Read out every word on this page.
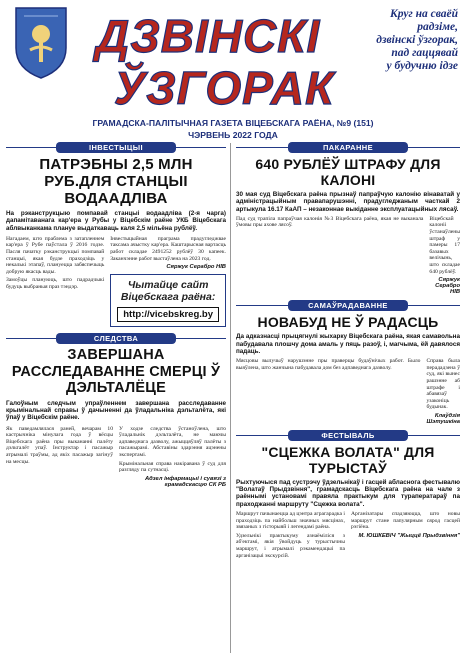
ДЗВІНСКІ
ЎЗГОРАК
Круг на сваёй радзіме,
дзвінскі ўзгорак,
пад гаццявай
у будучню ідзе
ГРАМАДСКА-ПАЛІТЫЧНАЯ ГАЗЕТА ВІЦЕБСКАГА РАЁНА, №9 (151)
ЧЭРВЕНЬ 2022 ГОДА
ІНВЕСТЫЦЫІ
ПАТРЭБНЫ 2,5 МЛН РУБ.ДЛЯ СТАНЦЫІ ВОДААДЛІВА
На рэканструкцыю помпавай станцыі водаадліва (2-я чарга) дапамітаванага кар'ера у Рубы у Віцебскім раёне УКБ Віцебскага аблвыканкама плануе выдаткаваць каля 2,5 мільёна рублёў.

Нагадаем, што праблема з затапленнем кар'ера ў Рубе паўстала ў 2016 годзе. Пасля пачатку рэканструкцыі помпавай станцыі, якая будзе праходзіць у некалькі этапаў, плануецца забяспечыць добрую якасць вады.

Замоўцы плануюць, што падрадчыкі будуць выбраныя праз тэндэр.

Інвестыцыйная праграма прадугледжвае таксама ачыстку кар'ера. Каштарысная вартасць работ складае 2491252 рублёў 30 капеек. Заканчэнне работ выстаўлена на 2023 год.

Сяржук Серабро НІВ
Чытайце сайт Віцебскага раёна:
http://vicebskreg.by
СЛЕДСТВА
ЗАВЕРШАНА РАССЛЕДАВАННЕ СМЕРЦІ Ў ДЭЛЬТАЛЁЦЕ
Галоўным следчым упраўленнем завершана расследаванне крымінальнай справы ў дачыненні да ўладальніка дэльталёта, які ўпаў у Віцебскім раёне.

Як паведамлялася раней, вечарам 10 кастрычніка мінулага года ў вёсцы Віцебскага раёна пры выкананні палёту дэльталёт упаў. Інструктар і пасажыр атрымалі траўмы, ад якіх пасажыр загінуў на месцы.

У ходзе следства ўстаноўлена, што ўладальнік дэльталёта, не маючы адпаведнага дазволу, ажыццяўляў палёты з пасажырамі. Абставіны здарэння ацэнены экспертамі.

Крымінальная справа накіравана ў суд для разгляду па сутнасці.

Адзел інфармацыі і сувязі з грамадскасцю СК РБ
ПАКАРАННЕ
640 РУБЛЁЎ ШТРАФУ ДЛЯ КАЛОНІ
30 мая суд Віцебскага раёна прызнаў папраўчую калонію вінаватай у адміністрацыйным правапарушэнні, прадугледжаным часткай 2 артыкула 16.17 КаАП – незаконнае выкіданне эксплуатацыйных лясаў.

Пад суд трапіла папраўчая калонія №3 Віцебскага раёна, якая не выканала ўмовы пры ахове лясоў.

Віцебскай калоніі ўстанаўлены штраф у памеры 17 базавых велічынь, што складае 640 рублёў.

Сяржук Серабро НІВ
САМАЎРАДАВАННЕ
НОВАБУД НЕ Ў РАДАСЦЬ
Да адказнасці прыцягнулі жыхарку Віцебскага раёна, якая самавольна пабудавала плошчу дома амаль у пяць разоў, і, магчыма, ёй давялося падаць.

Мясцовы вылучыў нарушэнне пры праверцы будаўнічых работ. Было выяўлена, што жанчына пабудавала дом без адпаведнага дазволу.

Справа была перададзена ў суд, які вынес рашэнне аб штрафе і абавязаў узаконіць будынак.

Клаўдзія Шэтушкіна
ФЕСТЫВАЛЬ
"СЦЕЖКА ВОЛАТА" ДЛЯ ТУРЫСТАЎ
Рыхтуючыся пад сустрэчу ўдзельнікаў і гасцей абласнога фестывалю "Волатаў Прыдзвіння", грамадскасць Віцебскага раёна на чале з раённымі установамі правяла практыкум для тураператараў па праходжанні маршруту "Сцежка волата".

Маршрут пачынаецца ад цэнтра аграгарадка і праходзіць па найбольш значных мясцінах, звязаных з гісторыяй і легендамі раёна.

Удзельнікі практыкуму азнаёміліся з аб'ектамі, якія ўвойдуць у турыстычны маршрут, і атрымалі рэкамендацыі па арганізацыі экскурсій.

Арганізатары спадзяюцца, што новы маршрут стане папулярным сярод гасцей рэгіёна.

М. ЮШКЕВІЧ "Жыццё Прыдзвіння"
